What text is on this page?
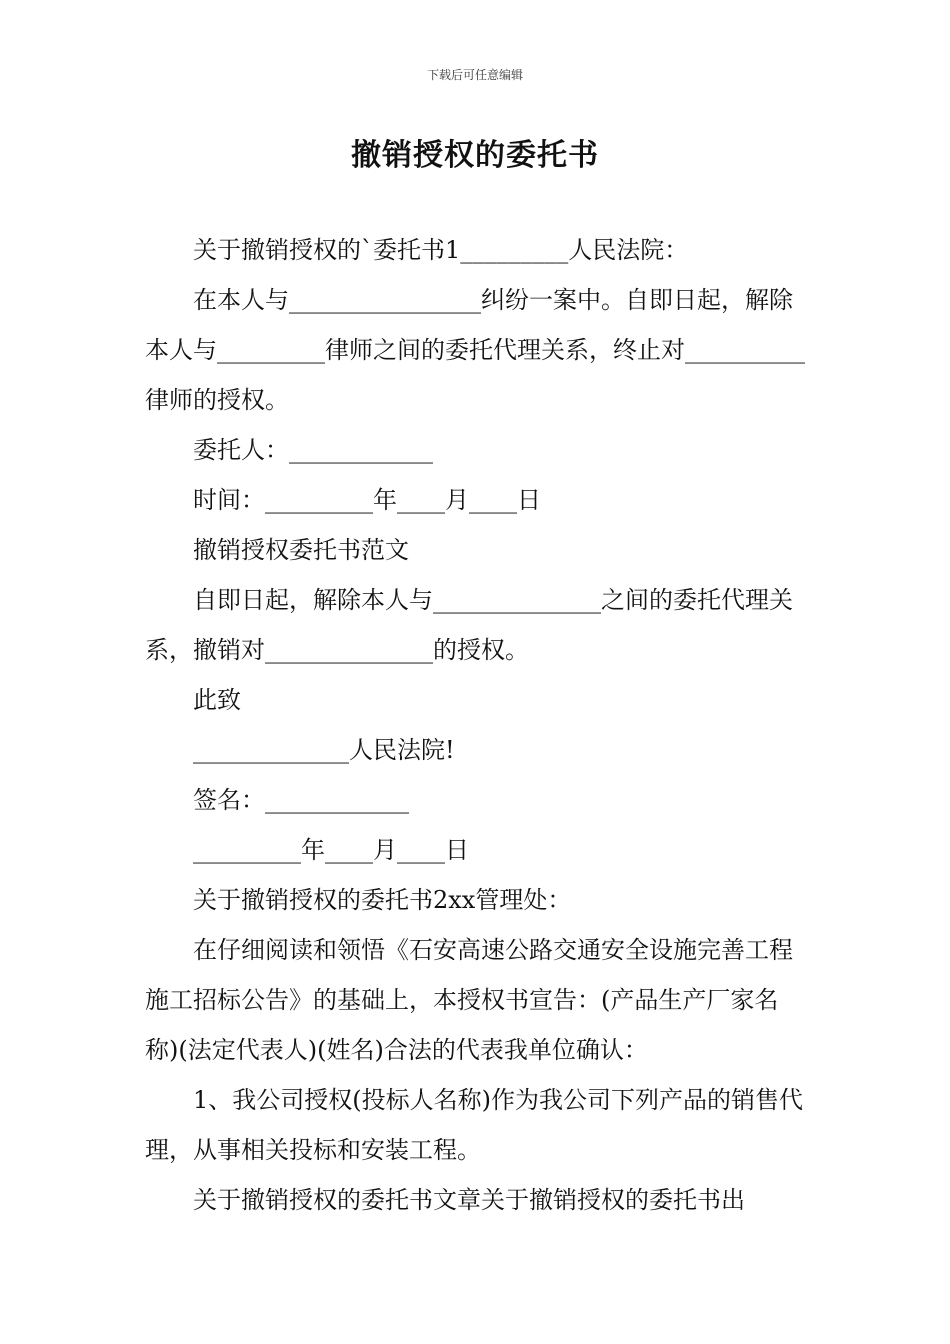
下载后可任意编辑
撤销授权的委托书

关于撤销授权的`委托书1_________人民法院：

在本人与________________纠纷一案中。自即日起，解除本人与_________律师之间的委托代理关系，终止对__________律师的授权。

委托人：____________

时间：_________年____月____日

撤销授权委托书范文

自即日起，解除本人与______________之间的委托代理关系，撤销对______________的授权。

此致

_____________人民法院!

签名：____________

_________年____月____日

关于撤销授权的委托书2xx管理处：

在仔细阅读和领悟《石安高速公路交通安全设施完善工程施工招标公告》的基础上，本授权书宣告：(产品生产厂家名称)(法定代表人)(姓名)合法的代表我单位确认：

1、我公司授权(投标人名称)作为我公司下列产品的销售代理，从事相关投标和安装工程。

关于撤销授权的委托书文章关于撤销授权的委托书出
